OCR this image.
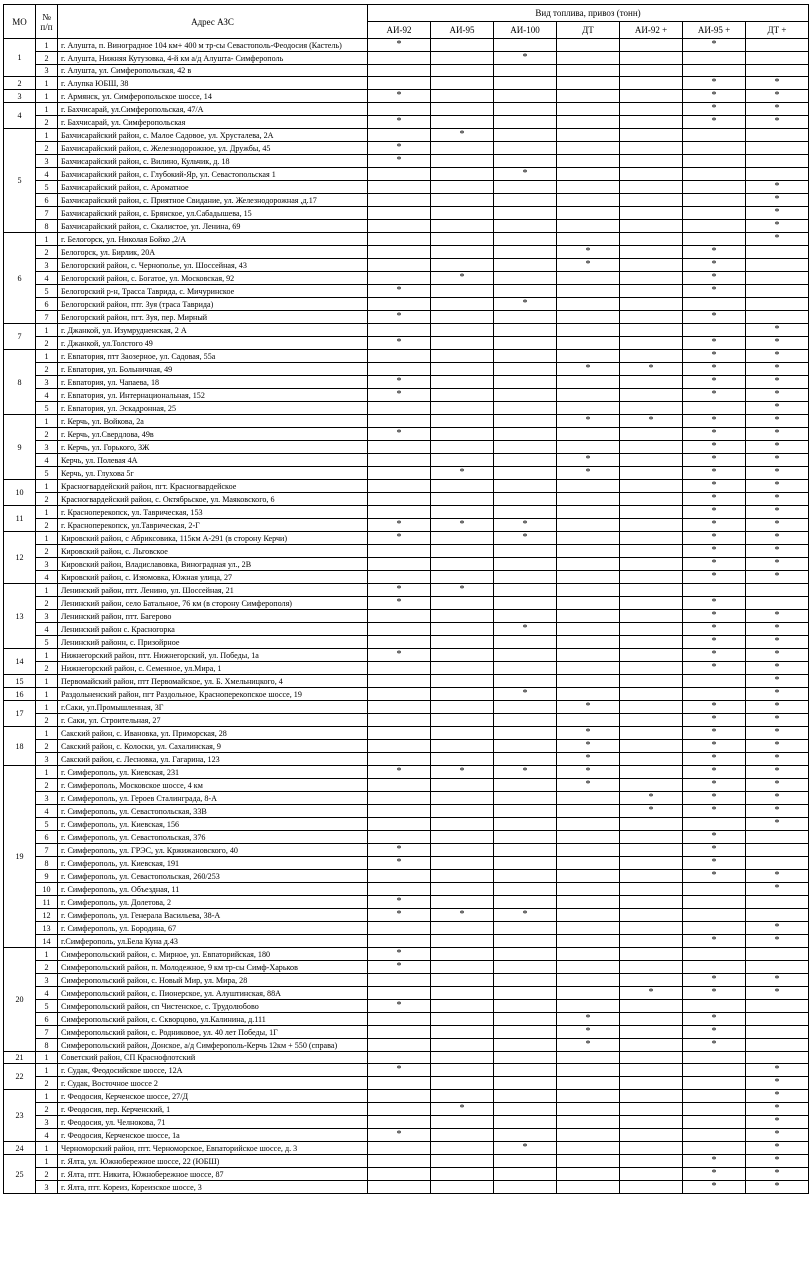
МО	№ п/п	Адрес АЗС	Вид топлива, привоз (тонн)						
			АИ-92	АИ-95	АИ-100	ДТ	АИ-92 +	АИ-95 +	ДТ +
1	1	г. Алушта, п. Виноградное 104 км+ 400 м тр-сы Севастополь-Феодосия (Кастель)	*					*	
	2	г. Алушта, Нижняя Кутузовка, 4-й км а/д Алушта- Симферополь			*				
	3	г. Алушта, ул. Симферопольская, 42 в							
2	1	г. Алупка ЮБШ, 38						*	*
3	1	г. Армянск, ул. Симферопольское шоссе, 14	*					*	*
4	1	г. Бахчисарай, ул.Симферопольская, 47/А						*	*
	2	г. Бахчисарай, ул. Симферопольская	*					*	*
5	1	Бахчисарайский район, с. Малое Садовое, ул. Хрусталева, 2А		*					
	2	Бахчисарайский район, с. Железнодорожное, ул. Дружбы, 45	*						
	3	Бахчисарайский район, с. Вилино, Кульчик, д. 18	*						
	4	Бахчисарайский район, с. Глубокий-Яр, ул. Севастопольская 1			*				
	5	Бахчисарайский район, с. Ароматное							*
	6	Бахчисарайский район, с. Приятное Свидание, ул. Железнодорожная ,д.17							*
	7	Бахчисарайский район, с. Брянское, ул.Сабадышева, 15							*
	8	Бахчисарайский район, с. Скалистое, ул. Ленина, 69							*
6	1	г. Белогорск, ул. Николая Бойко ,2/А							*
	2	Белогорск, ул. Бирлик, 20А				*		*	
	3	Белогорский район, с. Чернополье, ул. Шоссейная, 43				*		*	
	4	Белогорский район, с. Богатое, ул. Московская, 92		*				*	
	5	Белогорский р-н, Трасса Таврида, с. Мичуринское	*					*	
	6	Белогорский район, птг. Зуя (траса Таврида)			*				
	7	Белогорский район, пгт. Зуя, пер. Мирный	*					*	
7	1	г. Джанкой, ул. Изумрудненская, 2 А							*
	2	г. Джанкой, ул.Толстого 49	*					*	*
8	1	г. Евпатория, птт Заозерное, ул. Садовая, 55а						*	*
	2	г. Евпатория, ул. Больничная, 49				*	*	*	*
	3	г. Евпатория, ул. Чапаева, 18	*					*	*
	4	г. Евпатория, ул. Интернациональная, 152	*					*	*
	5	г. Евпатория, ул. Эскадронная, 25							*
9	1	г. Керчь, ул. Войкова, 2а				*	*	*	*
	2	г. Керчь, ул.Свердлова, 49в	*					*	*
	3	г. Керчь, ул. Горького, ЗЖ						*	*
	4	Керчь, ул. Полевая 4А				*		*	*
	5	Керчь, ул. Глухова 5г		*		*		*	*
10	1	Красногвардейский район, пгт. Красногвардейское						*	*
	2	Красногвардейский район, с. Октябрьское, ул. Маяковского, 6						*	*
11	1	г. Красноперекопск, ул. Таврическая, 153						*	*
	2	г. Красноперекопск, ул.Таврическая, 2-Г	*	*	*			*	*
12	1	Кировский район, с Абриксовика, 115км А-291 (в сторону Керчи)	*		*			*	*
	2	Кировский район, с. Льговское						*	*
	3	Кировский район, Владиславовка, Виноградная ул., 2В						*	*
	4	Кировский район, с. Изюмовка, Южная улица, 27						*	*
13	1	Ленинский район, птт. Ленино, ул. Шоссейная, 21	*	*					
	2	Ленинский район, село Батальное, 76 км (в сторону Симферополя)	*					*	
	3	Ленинский район, птт. Багерово						*	*
	4	Ленинский район с. Красногорка			*			*	*
	5	Ленинский районн, с. Призойрное						*	*
14	1	Нижнегорский район, птт. Нижнегорский, ул. Победы, 1а	*					*	*
	2	Нижнегорский район, с. Семенное, ул.Мира, 1						*	*
15	1	Первомайский район, птт Первомайское, ул. Б. Хмельницкого, 4							*
16	1	Раздольненский район, пгт Раздольное, Красноперекопское шоссе, 19			*				*
17	1	г.Саки, ул.Промышленная, 3Г				*		*	*
	2	г. Саки, ул. Строительная, 27						*	*
18	1	Сакский район, с. Ивановка, ул. Приморская, 28				*		*	*
	2	Сакский район, с. Колоски, ул. Сахалинская, 9				*		*	*
	3	Сакский район, с. Лесновка, ул. Гагарина, 123				*		*	*
19	1	г. Симферополь, ул. Киевская, 231	*	*	*	*		*	*
	2	г. Симферополь, Московское шоссе, 4 км				*		*	*
	3	г. Симферополь, ул. Героев Сталинграда, 8-А					*	*	*
	4	г. Симферополь, ул. Севастопольская, 33В					*	*	*
	5	г. Симферополь, ул. Киевская, 156							*
	6	г. Симферополь, ул. Севастопольская, 376						*	
	7	г. Симферополь, ул. ГРЭС, ул. Кржижановского, 40	*					*	
	8	г. Симферополь, ул. Киевская, 191	*					*	
	9	г. Симферополь, ул. Севастопольская, 260/253						*	*
	10	г. Симферополь, ул. Объездная, 11							*
	11	г. Симферополь, ул. Долетова, 2	*						
	12	г. Симферополь, ул. Генерала Васильева, 38-А	*	*	*				
	13	г. Симферополь, ул. Бородина, 67							*
	14	г.Симферополь, ул.Бела Куна д.43						*	*
20	1	Симферопольский район, с. Мирное, ул. Евпаторийская, 180	*						
	2	Симферопольский район, п. Молодежное, 9 км тр-сы Симф-Харьков	*						
	3	Симферопольский район, с. Новый Мир, ул. Мира, 28						*	*
	4	Симферопольский район, с. Пионерское, ул. Алуштинская, 88А					*	*	*
	5	Симферопольский район, сп Чистенское, с. Трудолюбово	*						
	6	Симферопольский район, с. Скворцово, ул.Калинина, д.111				*		*	
	7	Симферопольский район, с. Родниковое, ул. 40 лет Победы, 1Г				*		*	
	8	Симферопольский район, Донское, а/д Симферополь-Керчь 12км + 550 (справа)				*		*	
21	1	Советский район, СП Краснофлотский							
22	1	г. Судак, Феодосийское шоссе, 12А	*						*
	2	г. Судак, Восточное шоссе 2							*
23	1	г. Феодосия, Керченское шоссе, 27/Д							*
	2	г. Феодосия, пер. Керченский, 1		*					*
	3	г. Феодосия, ул. Челнокова, 71							*
	4	г. Феодосия, Керченское шоссе, 1а	*						*
24	1	Черноморский район, птт. Черноморское, Евпаторийское шоссе, д. 3			*				*
25	1	г. Ялта, ул. Южнобережное шоссе, 22 (ЮБШ)						*	*
	2	г. Ялта, птт. Никита, Южнобережное шоссе, 87						*	*
	3	г. Ялта, птт. Кореиз, Кореизское шоссе, 3						*	*
